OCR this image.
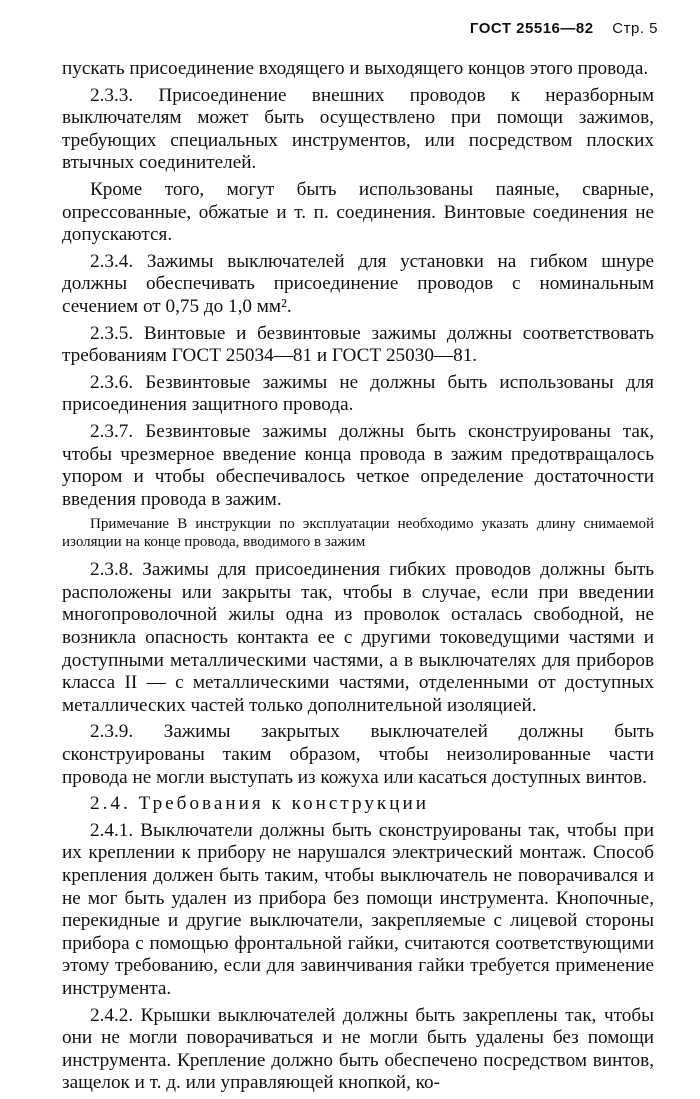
ГОСТ 25516—82 Стр. 5

пускать присоединение входящего и выходящего концов этого провода.

2.3.3. Присоединение внешних проводов к неразборным выключателям может быть осуществлено при помощи зажимов, требующих специальных инструментов, или посредством плоских втычных соединителей.

Кроме того, могут быть использованы паяные, сварные, опрессованные, обжатые и т. п. соединения. Винтовые соединения не допускаются.

2.3.4. Зажимы выключателей для установки на гибком шнуре должны обеспечивать присоединение проводов с номинальным сечением от 0,75 до 1,0 мм².

2.3.5. Винтовые и безвинтовые зажимы должны соответствовать требованиям ГОСТ 25034—81 и ГОСТ 25030—81.

2.3.6. Безвинтовые зажимы не должны быть использованы для присоединения защитного провода.

2.3.7. Безвинтовые зажимы должны быть сконструированы так, чтобы чрезмерное введение конца провода в зажим предотвращалось упором и чтобы обеспечивалось четкое определение достаточности введения провода в зажим.

Примечание В инструкции по эксплуатации необходимо указать длину снимаемой изоляции на конце провода, вводимого в зажим

2.3.8. Зажимы для присоединения гибких проводов должны быть расположены или закрыты так, чтобы в случае, если при введении многопроволочной жилы одна из проволок осталась свободной, не возникла опасность контакта ее с другими токоведущими частями и доступными металлическими частями, а в выключателях для приборов класса II — с металлическими частями, отделенными от доступных металлических частей только дополнительной изоляцией.

2.3.9. Зажимы закрытых выключателей должны быть сконструированы таким образом, чтобы неизолированные части провода не могли выступать из кожуха или касаться доступных винтов.

2.4. Требования к конструкции

2.4.1. Выключатели должны быть сконструированы так, чтобы при их креплении к прибору не нарушался электрический монтаж. Способ крепления должен быть таким, чтобы выключатель не поворачивался и не мог быть удален из прибора без помощи инструмента. Кнопочные, перекидные и другие выключатели, закрепляемые с лицевой стороны прибора с помощью фронтальной гайки, считаются соответствующими этому требованию, если для завинчивания гайки требуется применение инструмента.

2.4.2. Крышки выключателей должны быть закреплены так, чтобы они не могли поворачиваться и не могли быть удалены без помощи инструмента. Крепление должно быть обеспечено посредством винтов, защелок и т. д. или управляющей кнопкой, ко-
